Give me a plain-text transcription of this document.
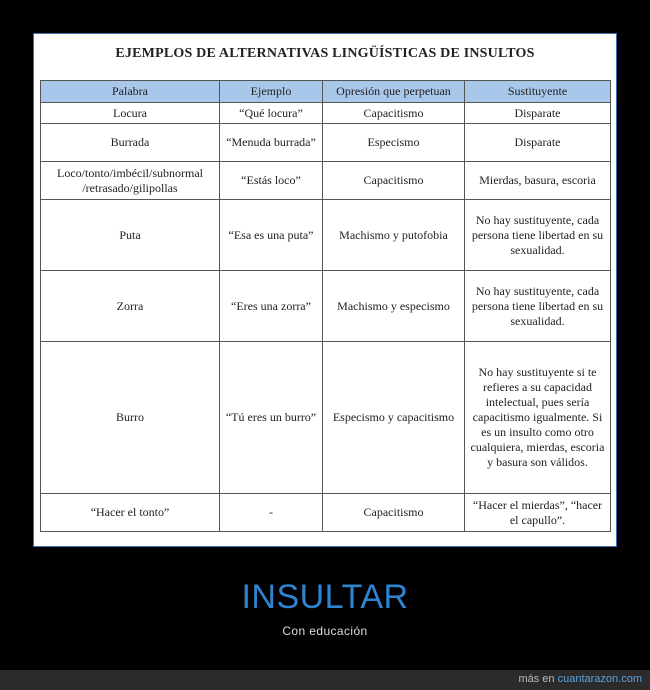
EJEMPLOS DE ALTERNATIVAS LINGÜÍSTICAS DE INSULTOS
Palabra	Ejemplo	Opresión que perpetuan	Sustituyente
Locura	“Qué locura”	Capacitismo	Disparate
Burrada	“Menuda burrada”	Especismo	Disparate
Loco/tonto/imbécil/subnormal /retrasado/gilipollas	“Estás loco”	Capacitismo	Mierdas, basura, escoria
Puta	“Esa es una puta”	Machismo y putofobia	No hay sustituyente, cada persona tiene libertad en su sexualidad.
Zorra	“Eres una zorra”	Machismo y especismo	No hay sustituyente, cada persona tiene libertad en su sexualidad.
Burro	“Tú eres un burro”	Especismo y capacitismo	No hay sustituyente si te refieres a su capacidad intelectual, pues sería capacitismo igualmente. Si es un insulto como otro cualquiera, mierdas, escoria y basura son válidos.
“Hacer el tonto”	-	Capacitismo	“Hacer el mierdas”, “hacer el capullo”.
INSULTAR
Con educación
más en cuantarazon.com
